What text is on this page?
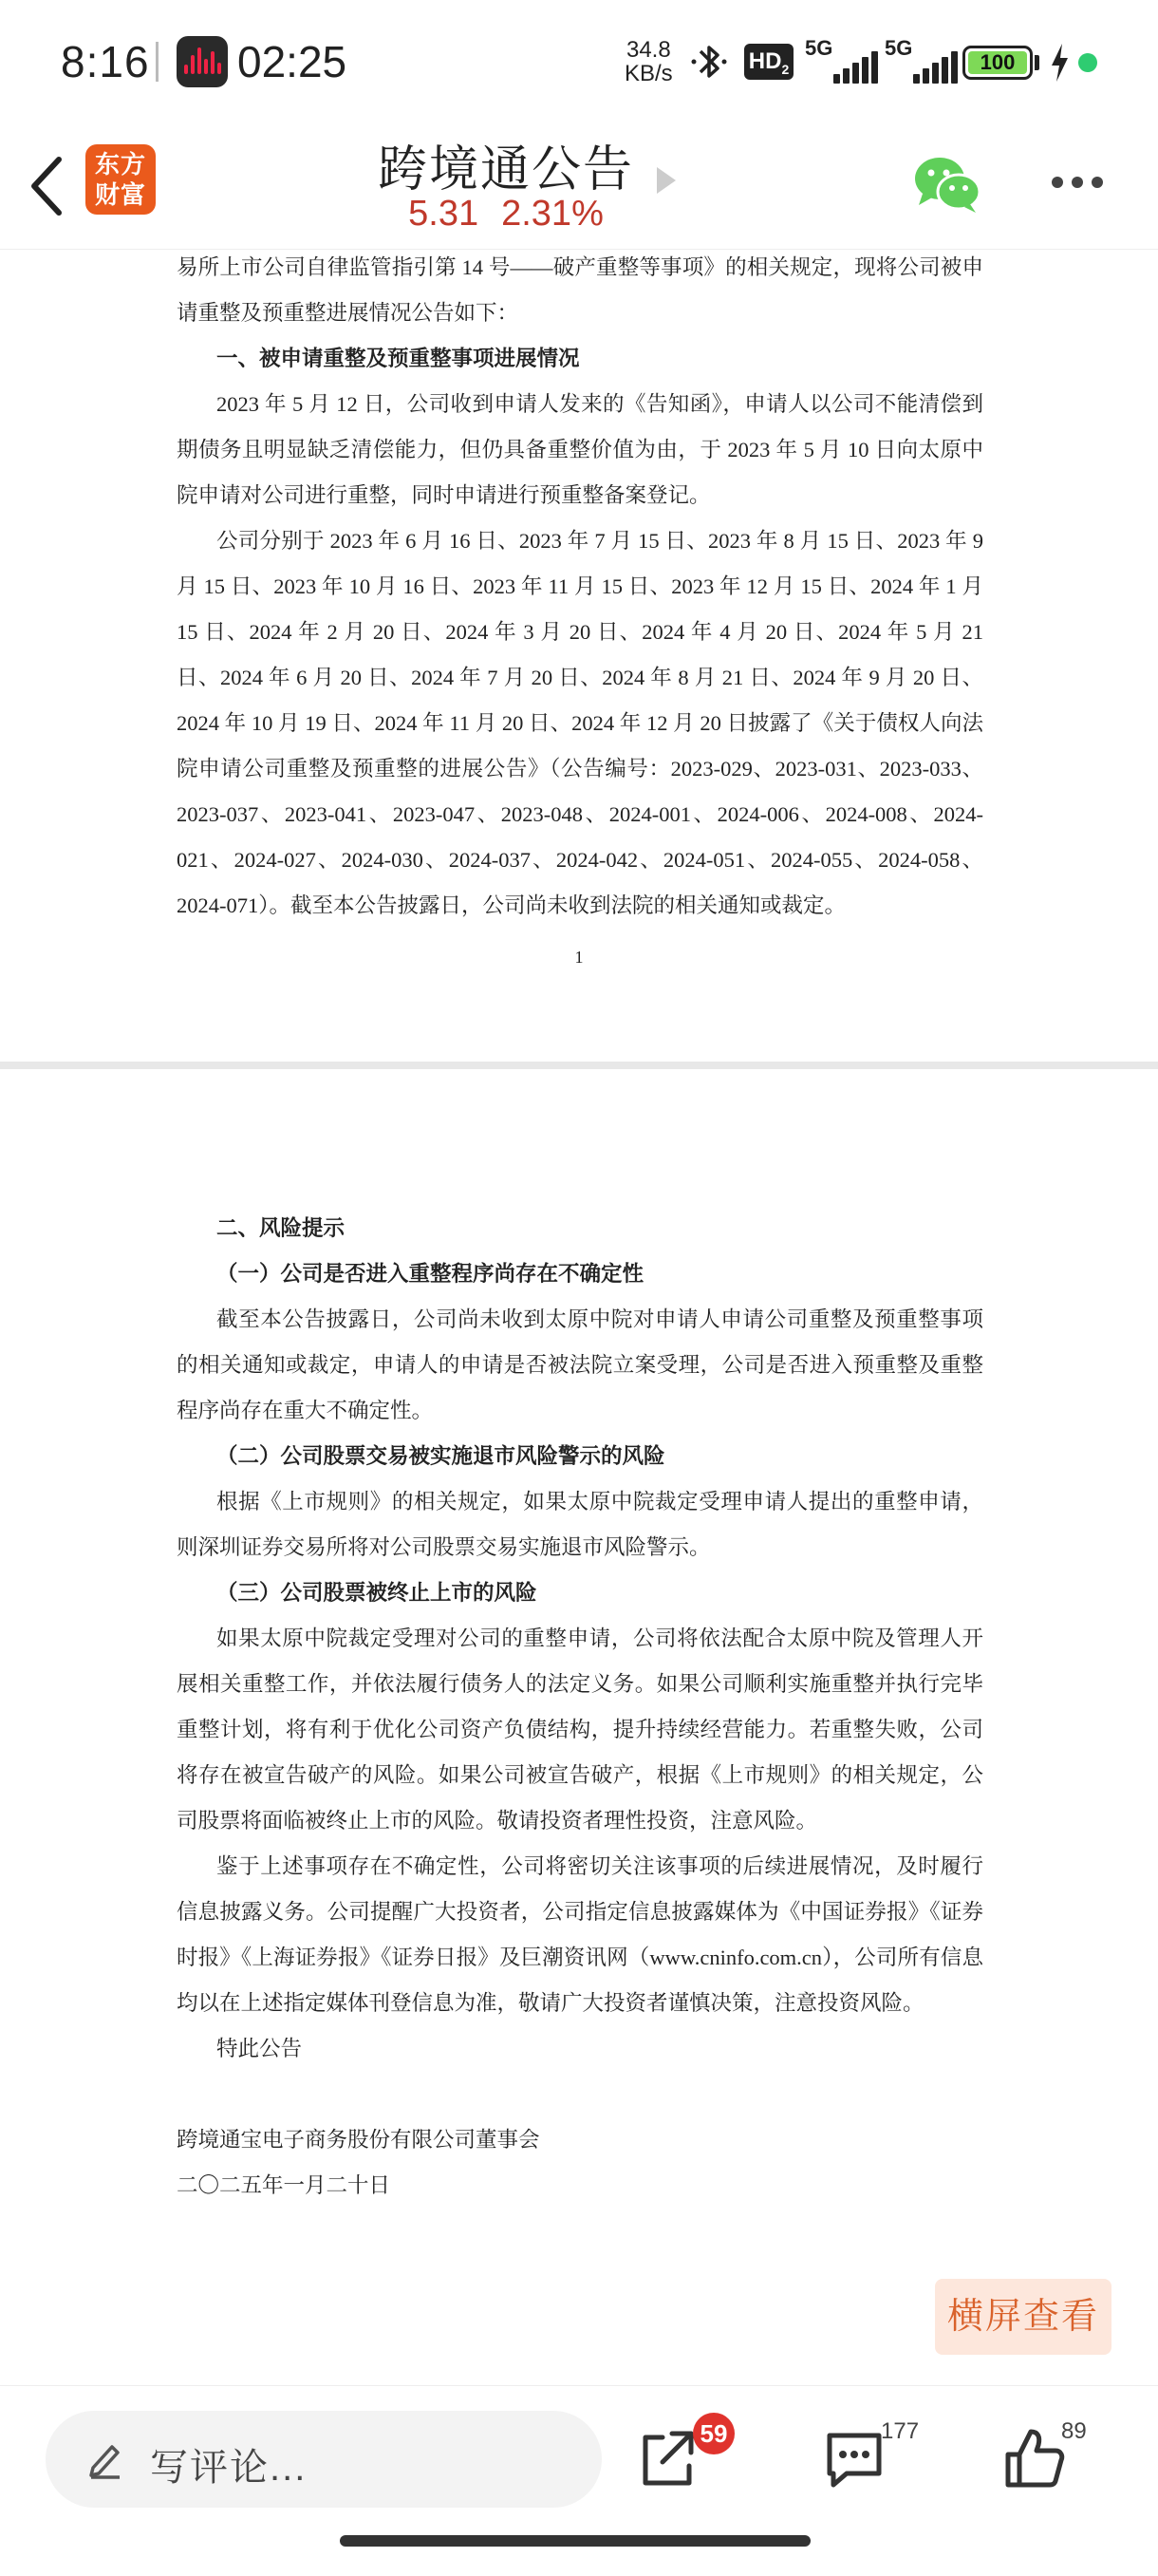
8:16 02:25	34.8
KB/s	$HD_2$
5G 5G
100
东方
财富	跨境通公告
5.31 2.31%

易所上市公司自律监管指引第 14 号——破产重整等事项》的相关规定，现将公司被申请重整及预重整进展情况公告如下：

一、被申请重整及预重整事项进展情况

2023 年 5 月 12 日，公司收到申请人发来的《告知函》，申请人以公司不能清偿到期债务且明显缺乏清偿能力，但仍具备重整价值为由，于 2023 年 5 月 10 日向太原中院申请对公司进行重整，同时申请进行预重整备案登记。

公司分别于 2023 年 6 月 16 日、2023 年 7 月 15 日、2023 年 8 月 15 日、2023 年 9 月 15 日、2023 年 10 月 16 日、2023 年 11 月 15 日、2023 年 12 月 15 日、2024 年 1 月 15 日、2024 年 2 月 20 日、2024 年 3 月 20 日、2024 年 4 月 20 日、2024 年 5 月 21 日、2024 年 6 月 20 日、2024 年 7 月 20 日、2024 年 8 月 21 日、2024 年 9 月 20 日、2024 年 10 月 19 日、2024 年 11 月 20 日、2024 年 12 月 20 日披露了《关于债权人向法院申请公司重整及预重整的进展公告》（公告编号：2023-029、2023-031、2023-033、2023-037、2023-041、2023-047、2023-048、2024-001、2024-006、2024-008、2024-021、2024-027、2024-030、2024-037、2024-042、2024-051、2024-055、2024-058、2024-071）。截至本公告披露日，公司尚未收到法院的相关通知或裁定。

1

二、风险提示

（一）公司是否进入重整程序尚存在不确定性

截至本公告披露日，公司尚未收到太原中院对申请人申请公司重整及预重整事项的相关通知或裁定，申请人的申请是否被法院立案受理，公司是否进入预重整及重整程序尚存在重大不确定性。

（二）公司股票交易被实施退市风险警示的风险

根据《上市规则》的相关规定，如果太原中院裁定受理申请人提出的重整申请，则深圳证券交易所将对公司股票交易实施退市风险警示。

（三）公司股票被终止上市的风险

如果太原中院裁定受理对公司的重整申请，公司将依法配合太原中院及管理人开展相关重整工作，并依法履行债务人的法定义务。如果公司顺利实施重整并执行完毕重整计划，将有利于优化公司资产负债结构，提升持续经营能力。若重整失败，公司将存在被宣告破产的风险。如果公司被宣告破产，根据《上市规则》的相关规定，公司股票将面临被终止上市的风险。敬请投资者理性投资，注意风险。

鉴于上述事项存在不确定性，公司将密切关注该事项的后续进展情况，及时履行信息披露义务。公司提醒广大投资者，公司指定信息披露媒体为《中国证券报》《证券时报》《上海证券报》《证券日报》及巨潮资讯网（www.cninfo.com.cn），公司所有信息均以在上述指定媒体刊登信息为准，敬请广大投资者谨慎决策，注意投资风险。

特此公告

跨境通宝电子商务股份有限公司董事会

二〇二五年一月二十日

横屏查看
写评论...
59	177	89
